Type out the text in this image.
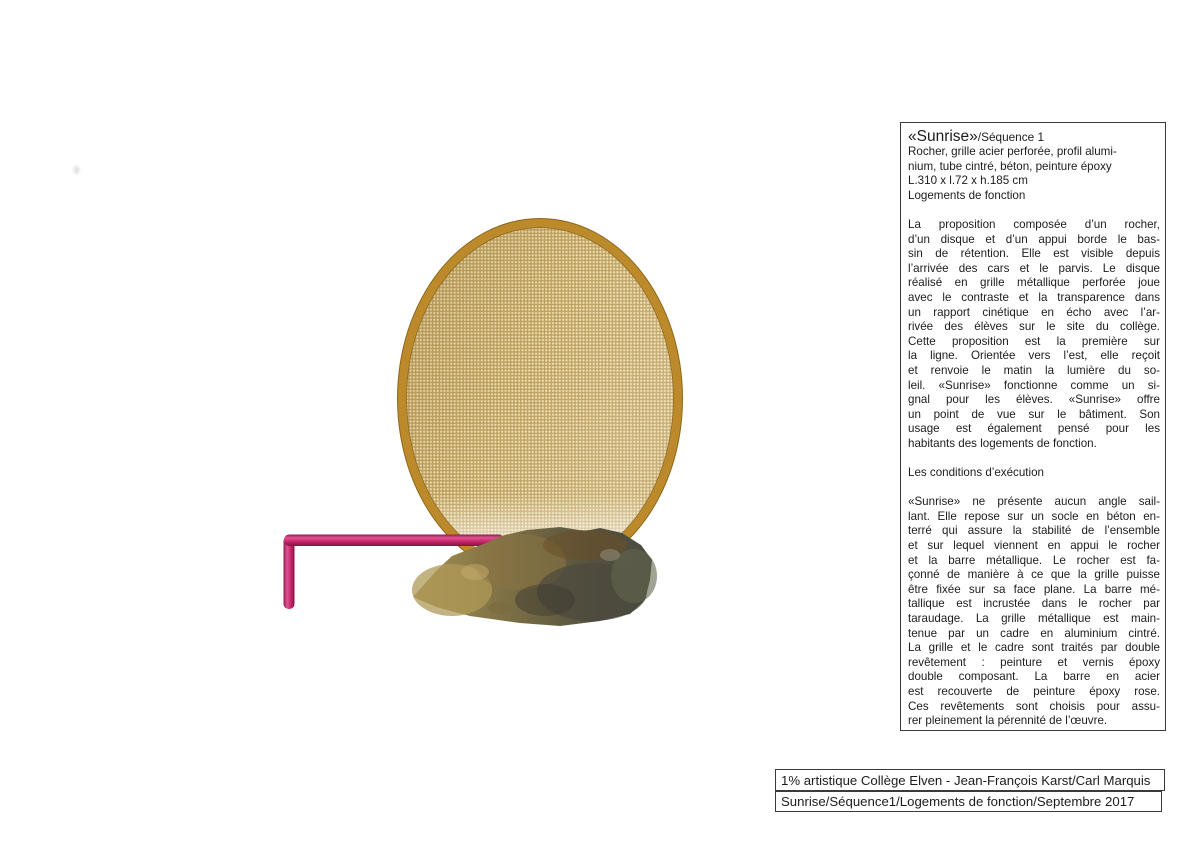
«Sunrise»/Séquence 1
Rocher, grille acier perforée, profil alumi-
nium, tube cintré, béton, peinture époxy
L.310 x l.72 x h.185 cm
Logements de fonction
La proposition composée d’un rocher,
d’un disque et d’un appui borde le bas-
sin de rétention. Elle est visible depuis
l’arrivée des cars et le parvis. Le disque
réalisé en grille métallique perforée joue
avec le contraste et la transparence dans
un rapport cinétique en écho avec l’ar-
rivée des élèves sur le site du collège.
Cette proposition est la première sur
la ligne. Orientée vers l’est, elle reçoit
et renvoie le matin la lumière du so-
leil. «Sunrise» fonctionne comme un si-
gnal pour les élèves. «Sunrise» offre
un point de vue sur le bâtiment. Son
usage est également pensé pour les
habitants des logements de fonction.
Les conditions d’exécution
«Sunrise» ne présente aucun angle sail-
lant. Elle repose sur un socle en béton en-
terré qui assure la stabilité de l’ensemble
et sur lequel viennent en appui le rocher
et la barre métallique. Le rocher est fa-
çonné de manière à ce que la grille puisse
être fixée sur sa face plane. La barre mé-
tallique est incrustée dans le rocher par
taraudage. La grille métallique est main-
tenue par un cadre en aluminium cintré.
La grille et le cadre sont traités par double
revêtement : peinture et vernis époxy
double composant. La barre en acier
est recouverte de peinture époxy rose.
Ces revêtements sont choisis pour assu-
rer pleinement la pérennité de l’œuvre.
1% artistique Collège Elven - Jean-François Karst/Carl Marquis
Sunrise/Séquence1/Logements de fonction/Septembre 2017
